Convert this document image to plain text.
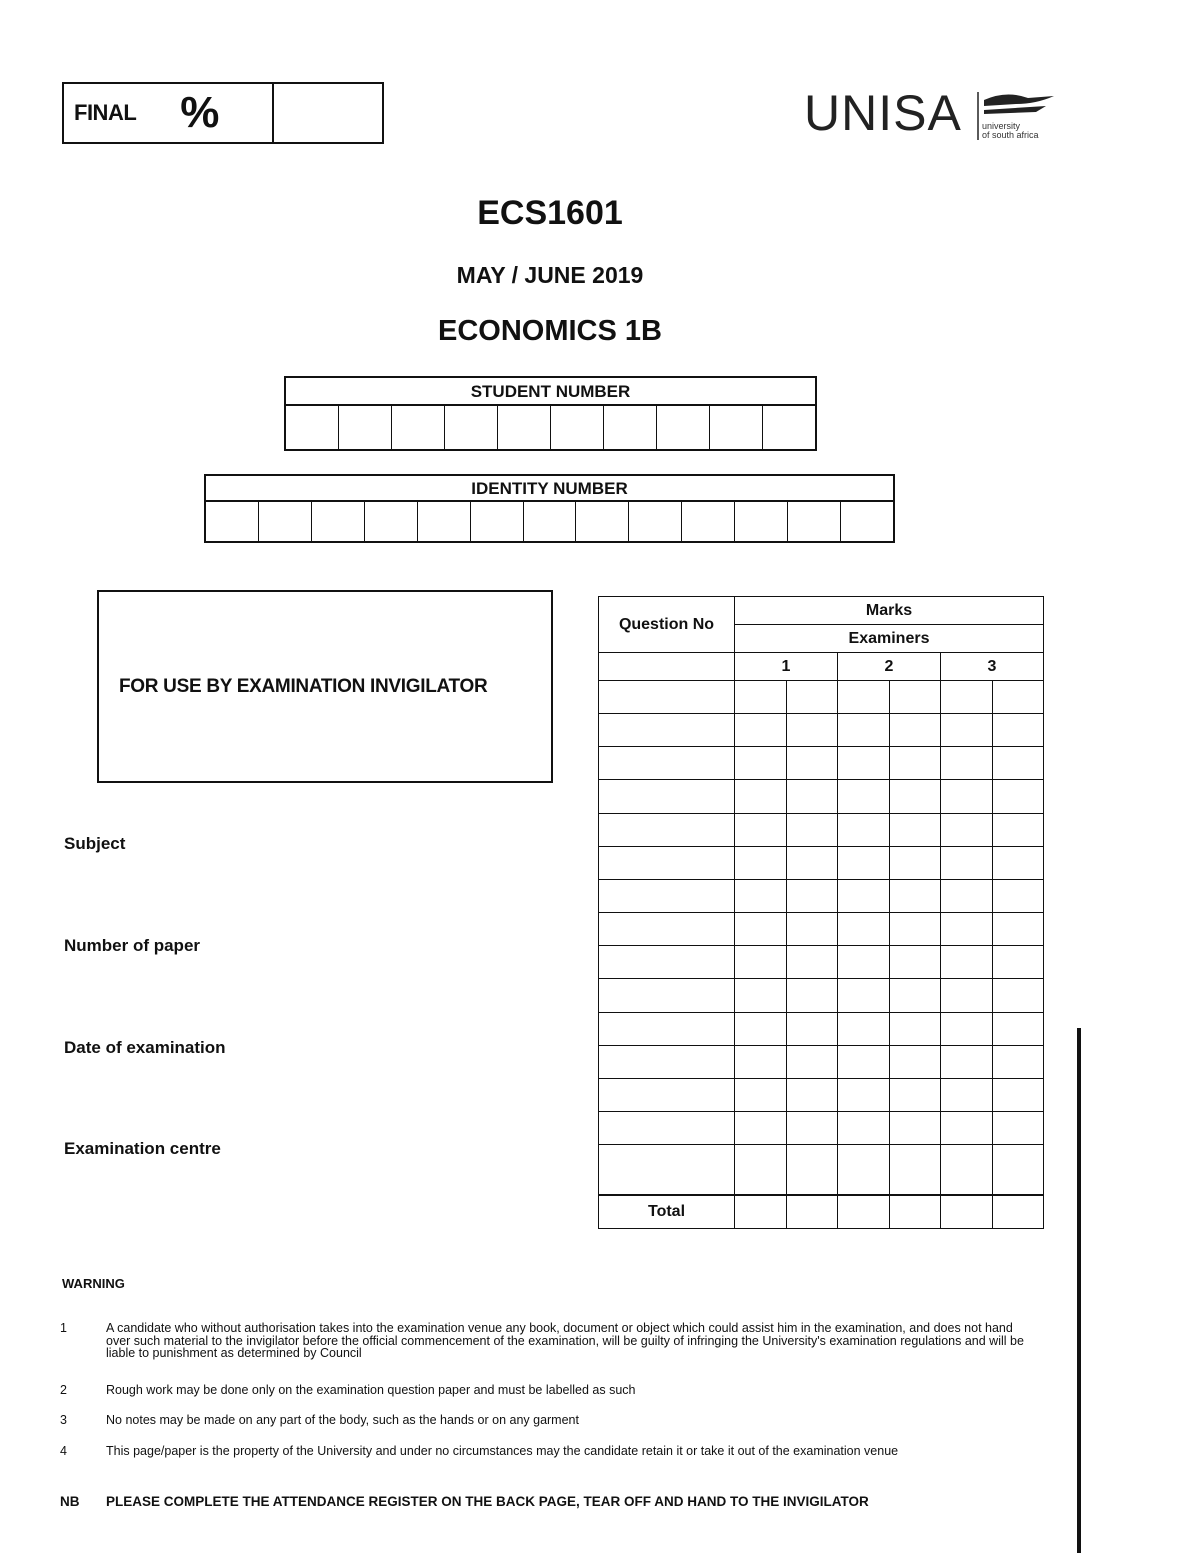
FINAL %	UNISA university
of south africa
ECS1601
MAY / JUNE 2019
ECONOMICS 1B
STUDENT NUMBER
IDENTITY NUMBER
FOR USE BY EXAMINATION INVIGILATOR
Subject
Number of paper
Date of examination
Examination centre
Question No	Marks					
	Examiners					
	1		2		3	

Total						
WARNING
1	A candidate who without authorisation takes into the examination venue any book, document or object which could assist him in the examination, and does not hand over such material to the invigilator before the official commencement of the examination, will be guilty of infringing the University's examination regulations and will be liable to punishment as determined by Council
2	Rough work may be done only on the examination question paper and must be labelled as such
3	No notes may be made on any part of the body, such as the hands or on any garment
4	This page/paper is the property of the University and under no circumstances may the candidate retain it or take it out of the examination venue
NB	PLEASE COMPLETE THE ATTENDANCE REGISTER ON THE BACK PAGE, TEAR OFF AND HAND TO THE INVIGILATOR
